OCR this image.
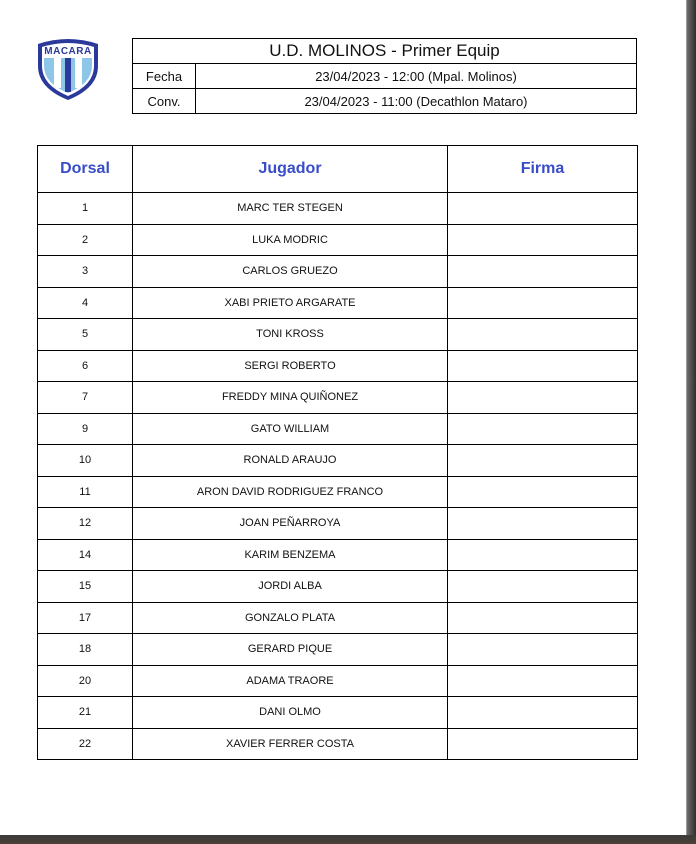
MACARA	U.D. MOLINOS - Primer Equip	
Fecha	23/04/2023 - 12:00 (Mpal. Molinos)
Conv.	23/04/2023 - 11:00 (Decathlon Mataro)
Dorsal	Jugador	Firma
1	MARC TER STEGEN	
2	LUKA MODRIC	
3	CARLOS GRUEZO	
4	XABI PRIETO ARGARATE	
5	TONI KROSS	
6	SERGI ROBERTO	
7	FREDDY MINA QUIÑONEZ	
9	GATO WILLIAM	
10	RONALD ARAUJO	
11	ARON DAVID RODRIGUEZ FRANCO	
12	JOAN PEÑARROYA	
14	KARIM BENZEMA	
15	JORDI ALBA	
17	GONZALO PLATA	
18	GERARD PIQUE	
20	ADAMA TRAORE	
21	DANI OLMO	
22	XAVIER FERRER COSTA	
